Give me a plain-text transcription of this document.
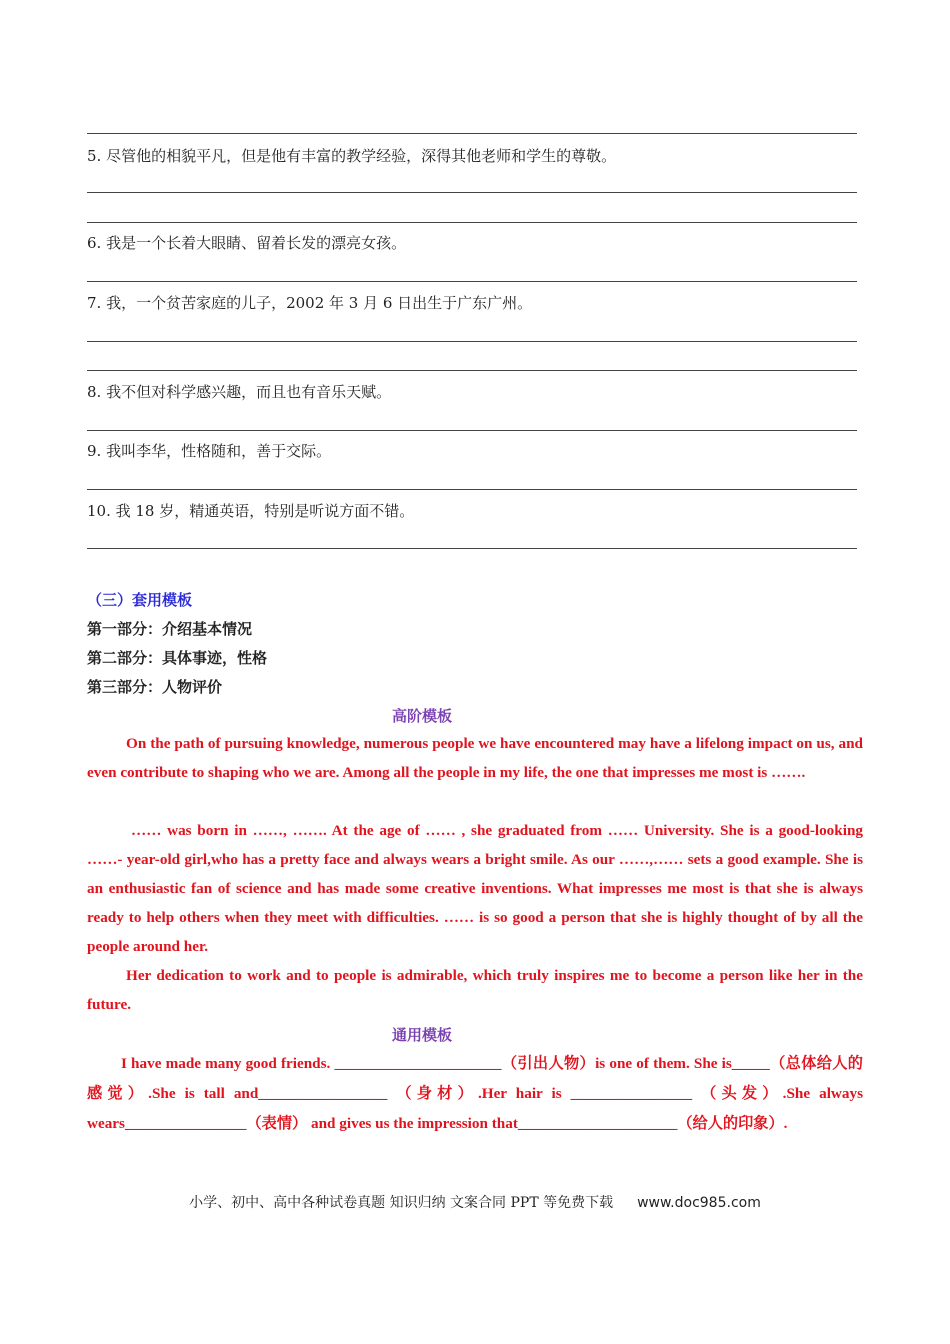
5. 尽管他的相貌平凡，但是他有丰富的教学经验，深得其他老师和学生的尊敬。
6. 我是一个长着大眼睛、留着长发的漂亮女孩。
7. 我，一个贫苦家庭的儿子，2002 年 3 月 6 日出生于广东广州。
8. 我不但对科学感兴趣，而且也有音乐天赋。
9. 我叫李华，性格随和，善于交际。
10. 我 18 岁，精通英语，特别是听说方面不错。
（三）套用模板
第一部分：介绍基本情况
第二部分：具体事迹，性格
第三部分：人物评价
高阶模板

On the path of pursuing knowledge, numerous people we have encountered may have a lifelong impact on us, and even contribute to shaping who we are. Among all the people in my life, the one that impresses me most is …….

…… was born in ……, ……. At the age of …… , she graduated from …… University. She is a good-looking ……- year-old girl,who has a pretty face and always wears a bright smile. As our ……,…… sets a good example. She is an enthusiastic fan of science and has made some creative inventions. What impresses me most is that she is always ready to help others when they meet with difficulties. …… is so good a person that she is highly thought of by all the people around her.

Her dedication to work and to people is admirable, which truly inspires me to become a person like her in the future.

通用模板

I have made many good friends. ______________________（引出人物）is one of them. She is_____（总体给人的感觉）.She is tall and_________________ （身材）.Her hair is ________________ （头发）.She always wears________________（表情） and gives us the impression that_____________________（给人的印象）.

小学、初中、高中各种试卷真题 知识归纳 文案合同 PPT 等免费下载 www.doc985.com
